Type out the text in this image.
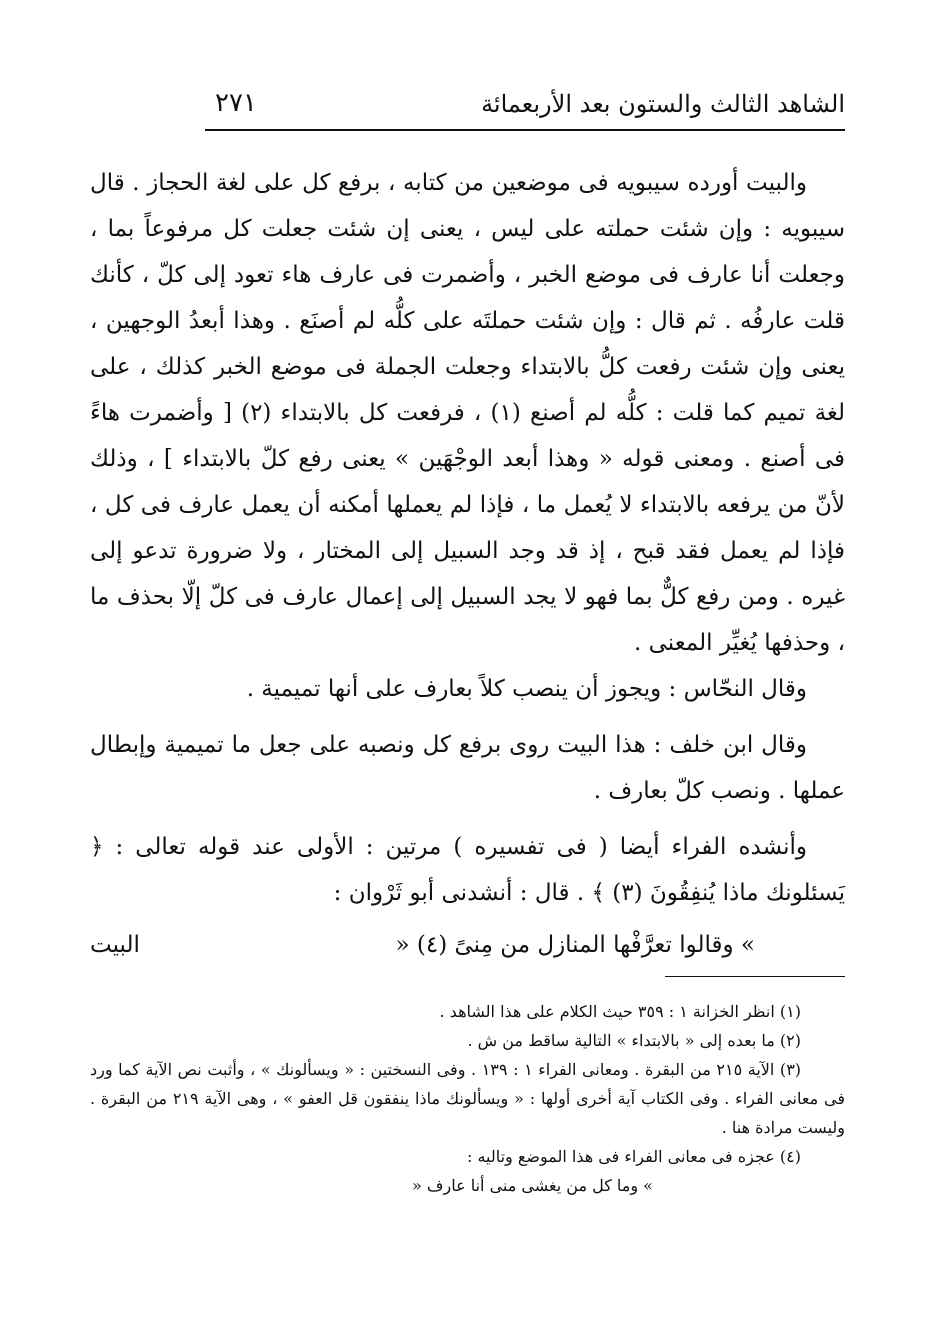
الشاهد الثالث والستون بعد الأربعمائة
٢٧١

والبيت أورده سيبويه فى موضعين من كتابه ، برفع كل على لغة الحجاز . قال سيبويه : وإن شئت حملته على ليس ، يعنى إن شئت جعلت كل مرفوعاً بما ، وجعلت أنا عارف فى موضع الخبر ، وأضمرت فى عارف هاء تعود إلى كلّ ، كأنك قلت عارفُه . ثم قال : وإن شئت حملتَه على كلُّه لم أصنَع . وهذا أبعدُ الوجهين ، يعنى وإن شئت رفعت كلُّ بالابتداء وجعلت الجملة فى موضع الخبر كذلك ، على لغة تميم كما قلت : كلُّه لم أصنع (١) ، فرفعت كل بالابتداء (٢) [ وأضمرت هاءً فى أصنع . ومعنى قوله « وهذا أبعد الوجْهَين » يعنى رفع كلّ بالابتداء ] ، وذلك لأنّ من يرفعه بالابتداء لا يُعمل ما ، فإذا لم يعملها أمكنه أن يعمل عارف فى كل ، فإذا لم يعمل فقد قبح ، إذ قد وجد السبيل إلى المختار ، ولا ضرورة تدعو إلى غيره . ومن رفع كلٌّ بما فهو لا يجد السبيل إلى إعمال عارف فى كلّ إلّا بحذف ما ، وحذفها يُغيِّر المعنى .

وقال النحّاس : ويجوز أن ينصب كلاً بعارف على أنها تميمية .

وقال ابن خلف : هذا البيت روى برفع كل ونصبه على جعل ما تميمية وإبطال عملها . ونصب كلّ بعارف .

وأنشده الفراء أيضا ( فى تفسيره ) مرتين : الأولى عند قوله تعالى : ﴿ يَسئلونك ماذا يُنفِقُونَ (٣) ﴾ . قال : أنشدنى أبو ثَرْوان :

» وقالوا تعرَّفْها المنازل من مِنىً (٤) «
البيت

(١) انظر الخزانة ١ : ٣٥٩ حيث الكلام على هذا الشاهد .

(٢) ما بعده إلى « بالابتداء » التالية ساقط من ش .

(٣) الآية ٢١٥ من البقرة . ومعانى الفراء ١ : ١٣٩ . وفى النسختين : « ويسألونك » ، وأثبت نص الآية كما ورد فى معانى الفراء . وفى الكتاب آية أخرى أولها : « ويسألونك ماذا ينفقون قل العفو » ، وهى الآية ٢١٩ من البقرة . وليست مرادة هنا .

(٤) عجزه فى معانى الفراء فى هذا الموضع وتاليه :

» وما كل من يغشى منى أنا عارف «
